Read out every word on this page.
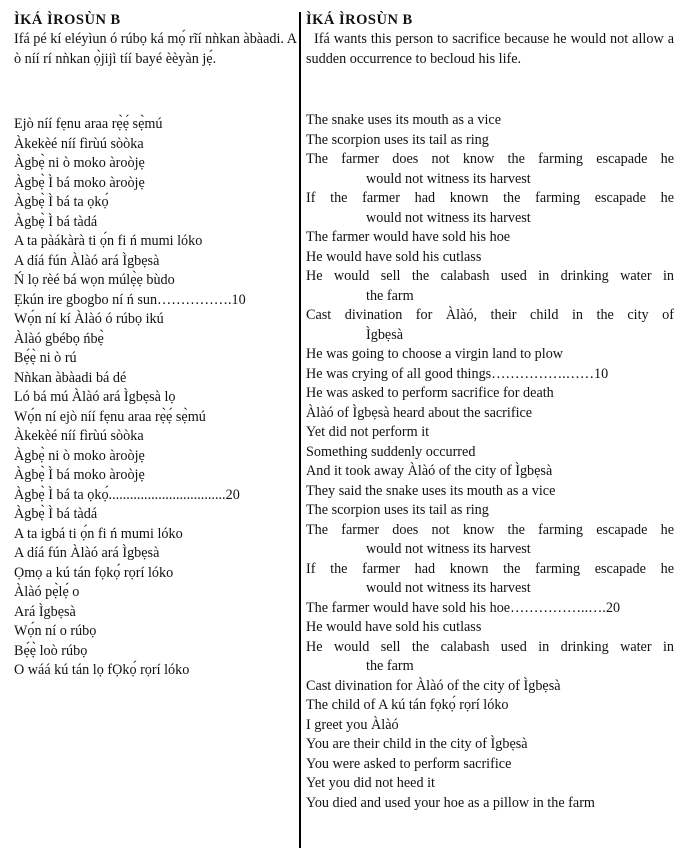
ÌKÁ ÌROSÙN B
Ifá pé kí eléyìun ó rúbọ ká mọ́ rĩí nǹkan àbàadi. A ò níí rí nǹkan ọ̀jijì tíí bayé èèyàn jẹ́.
Ejò níí fẹnu araa rẹ̀ẹ́ sẹ̀mú
Àkekèé níí fìrùú sòòka
Àgbẹ̀ ni ò moko àroòjẹ
Àgbẹ̀ Ì bá moko àroòjẹ
Àgbẹ̀ Ì bá ta ọkọ́
Àgbẹ̀ Ì bá tàdá
A ta pàákàrà ti ọ́n fi ń mumi lóko
A díá fún Àlàó ará Ìgbẹsà
Ń lọ rèé bá wọn múlẹ̀ẹ bùdo
Ẹkún ire gbogbo ní ń sun…………….10
Wọ́n ní kí Àlàó ó rúbọ ikú
Àlàó gbébọ ńbẹ̀
Bẹ́ẹ̀ ni ò rú
Nǹkan àbàadi bá dé
Ló bá mú Àlàó ará Ìgbẹsà lọ
Wọ́n ní ejò níí fẹnu araa rẹ̀ẹ́ sẹ̀mú
Àkekèé níí fìrùú sòòka
Àgbẹ̀ ni ò moko àroòjẹ
Àgbẹ̀ Ì bá moko àroòjẹ
Àgbẹ̀ Ì bá ta ọkọ́.................................20
Àgbẹ̀ Ì bá tàdá
A ta igbá ti ọ́n fi ń mumi lóko
A díá fún Àlàó ará Ìgbẹsà
Ọmọ a kú tán fọkọ́ rọrí lóko
Àlàó pẹ̀lẹ́ o
Ará Ìgbẹsà
Wọ́n ní o rúbọ
Bẹ́ẹ̀ loò rúbọ
O wáá kú tán lọ fỌkọ́ rọrí lóko
ÌKÁ ÌROSÙN B
Ifá wants this person to sacrifice because he would not allow a sudden occurrence to becloud his life.
The snake uses its mouth as a vice
The scorpion uses its tail as ring
The farmer does not know the farming escapade he
would not witness its harvest
If the farmer had known the farming escapade he
would not witness its harvest
The farmer would have sold his hoe
He would have sold his cutlass
He would sell the calabash used in drinking water in
the farm
Cast divination for Àlàó, their child in the city of
Ìgbẹsà
He was going to choose a virgin land to plow
He was crying of all good things…………….……10
He was asked to perform sacrifice for death
Àlàó of Ìgbẹsà heard about the sacrifice
Yet did not perform it
Something suddenly occurred
And it took away Àlàó of the city of Ìgbẹsà
They said the snake uses its mouth as a vice
The scorpion uses its tail as ring
The farmer does not know the farming escapade he
would not witness its harvest
If the farmer had known the farming escapade he
would not witness its harvest
The farmer would have sold his hoe……………..….20
He would have sold his cutlass
He would sell the calabash used in drinking water in
the farm
Cast divination for Àlàó of the city of Ìgbẹsà
The child of A kú tán fọkọ́ rọrí lóko
I greet you Àlàó
You are their child in the city of Ìgbẹsà
You were asked to perform sacrifice
Yet you did not heed it
You died and used your hoe as a pillow in the farm
